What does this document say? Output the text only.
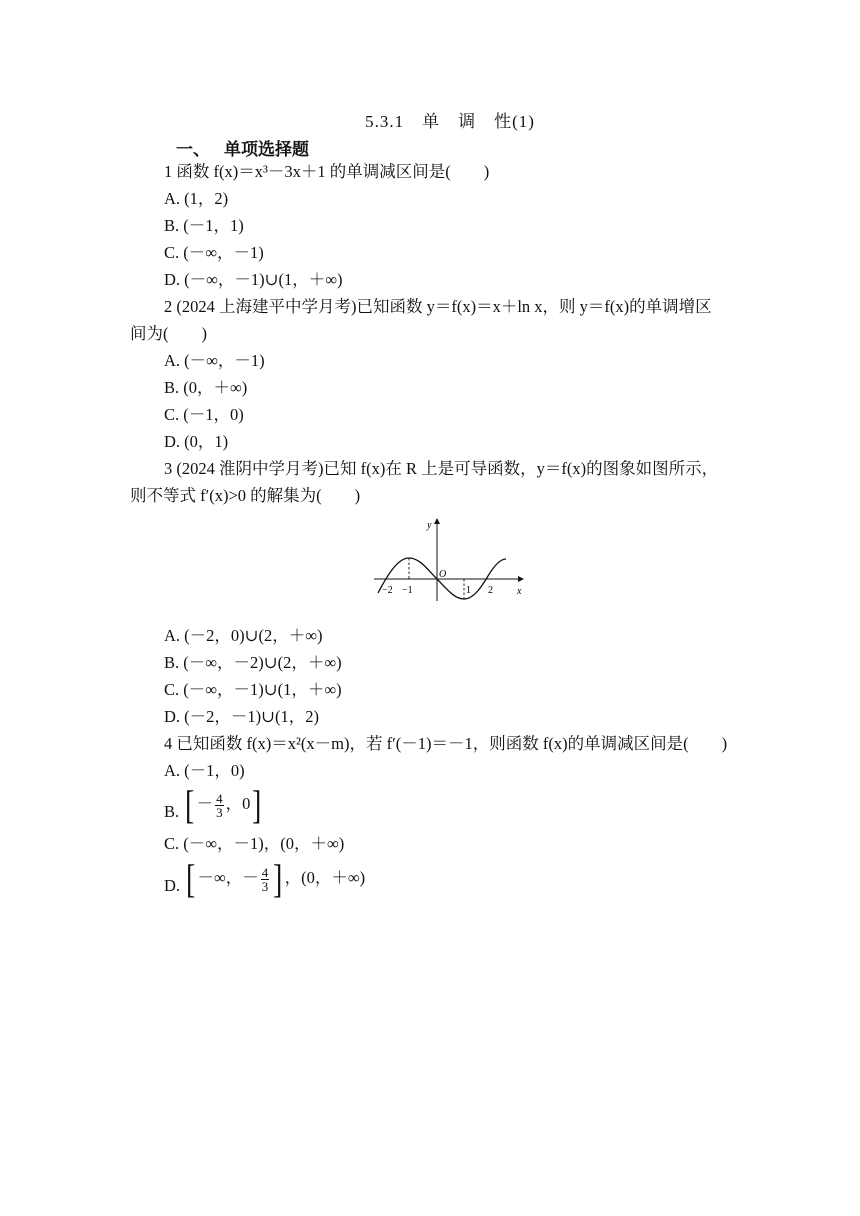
5.3.1　单　调　性(1)
一、 单项选择题
1 函数 f(x)＝x³－3x＋1 的单调减区间是(　　)
A. (1，2)
B. (－1，1)
C. (－∞，－1)
D. (－∞，－1)∪(1，＋∞)
2 (2024 上海建平中学月考)已知函数 y＝f(x)＝x＋ln x，则 y＝f(x)的单调增区
间为(　　)
A. (－∞，－1)
B. (0，＋∞)
C. (－1，0)
D. (0，1)
3 (2024 淮阴中学月考)已知 f(x)在 R 上是可导函数，y＝f(x)的图象如图所示，
则不等式 f′(x)>0 的解集为(　　)
y
x
O
−2 −1	1 2
A. (－2，0)∪(2，＋∞)
B. (－∞，－2)∪(2，＋∞)
C. (－∞，－1)∪(1，＋∞)
D. (－2，－1)∪(1，2)
4 已知函数 f(x)＝x²(x－m)，若 f′(－1)＝－1，则函数 f(x)的单调减区间是(　　)
A. (－1，0)
B. [ － $\frac{4}{3}$ ，0]
C. (－∞，－1)，(0，＋∞)
D. [ －∞，－ $\frac{4}{3}$ ] ，(0，＋∞)
